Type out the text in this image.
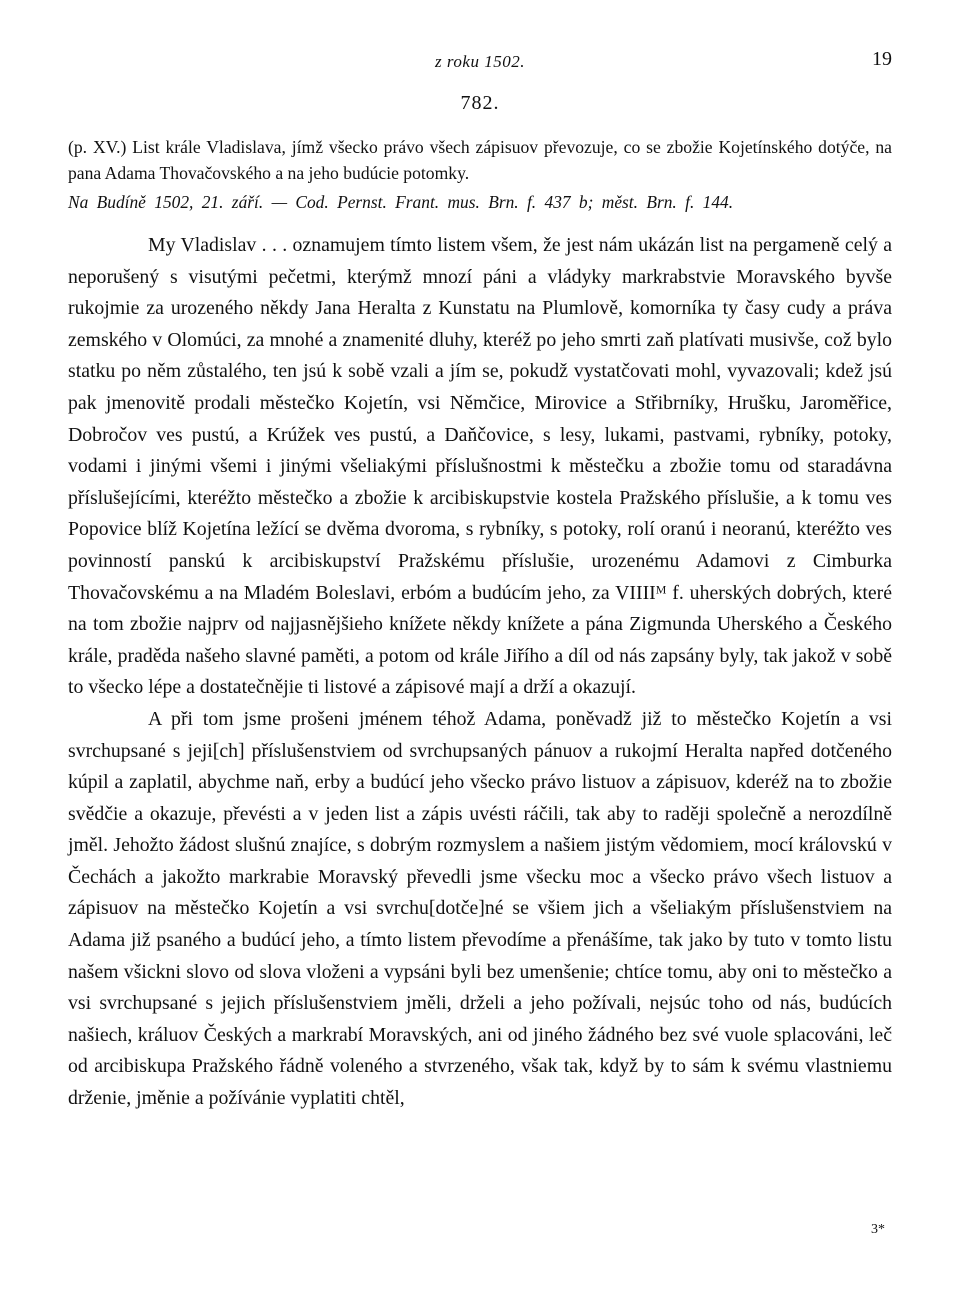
z roku 1502.	19
782.

(p. XV.) List krále Vladislava, jímž všecko právo všech zápisuov převozuje, co se zbožie Kojetínského dotýče, na pana Adama Thovačovského a na jeho budúcie potomky.

Na Budíně 1502, 21. září. — Cod. Pernst. Frant. mus. Brn. f. 437 b; měst. Brn. f. 144.

My Vladislav . . . oznamujem tímto listem všem, že jest nám ukázán list na pergameně celý a neporušený s visutými pečetmi, kterýmž mnozí páni a vládyky markrabstvie Moravského byvše rukojmie za urozeného někdy Jana Heralta z Kunstatu na Plumlově, komorníka ty časy cudy a práva zemského v Olomúci, za mnohé a znamenité dluhy, kteréž po jeho smrti zaň platívati musivše, což bylo statku po něm zůstalého, ten jsú k sobě vzali a jím se, pokudž vystatčovati mohl, vyvazovali; kdež jsú pak jmenovitě prodali městečko Kojetín, vsi Němčice, Mirovice a Střibrníky, Hrušku, Jaroměřice, Dobročov ves pustú, a Krúžek ves pustú, a Daňčovice, s lesy, lukami, pastvami, rybníky, potoky, vodami i jinými všemi i jinými všeliakými příslušnostmi k městečku a zbožie tomu od staradávna příslušejícími, kteréžto městečko a zbožie k arcibiskupstvie kostela Pražského příslušie, a k tomu ves Popovice blíž Kojetína ležící se dvěma dvoroma, s rybníky, s potoky, rolí oranú i neoranú, kteréžto ves povinností panskú k arcibiskupství Pražskému příslušie, urozenému Adamovi z Cimburka Thovačovskému a na Mladém Boleslavi, erbóm a budúcím jeho, za VIIIIᴹ f. uherských dobrých, které na tom zbožie najprv od najjasnějšieho knížete někdy knížete a pána Zigmunda Uherského a Českého krále, praděda našeho slavné paměti, a potom od krále Jiřího a díl od nás zapsány byly, tak jakož v sobě to všecko lépe a dostatečnějie ti listové a zápisové mají a drží a okazují.

A při tom jsme prošeni jménem téhož Adama, poněvadž již to městečko Kojetín a vsi svrchupsané s jeji[ch] příslušenstviem od svrchupsaných pánuov a rukojmí Heralta napřed dotčeného kúpil a zaplatil, abychme naň, erby a budúcí jeho všecko právo listuov a zápisuov, kderéž na to zbožie svědčie a okazuje, převésti a v jeden list a zápis uvésti ráčili, tak aby to raději společně a nerozdílně jměl. Jehožto žádost slušnú znajíce, s dobrým rozmyslem a našiem jistým vědomiem, mocí královskú v Čechách a jakožto markrabie Moravský převedli jsme všecku moc a všecko právo všech listuov a zápisuov na městečko Kojetín a vsi svrchu[dotče]né se všiem jich a všeliakým příslušenstviem na Adama již psaného a budúcí jeho, a tímto listem převodíme a přenášíme, tak jako by tuto v tomto listu našem všickni slovo od slova vloženi a vypsáni byli bez umenšenie; chtíce tomu, aby oni to městečko a vsi svrchupsané s jejich příslušenstviem jměli, drželi a jeho požívali, nejsúc toho od nás, budúcích našiech, králuov Českých a markrabí Moravských, ani od jiného žádného bez své vuole splacováni, leč od arcibiskupa Pražského řádně voleného a stvrzeného, však tak, když by to sám k svému vlastniemu drženie, jměnie a požívánie vyplatiti chtěl,

3*
